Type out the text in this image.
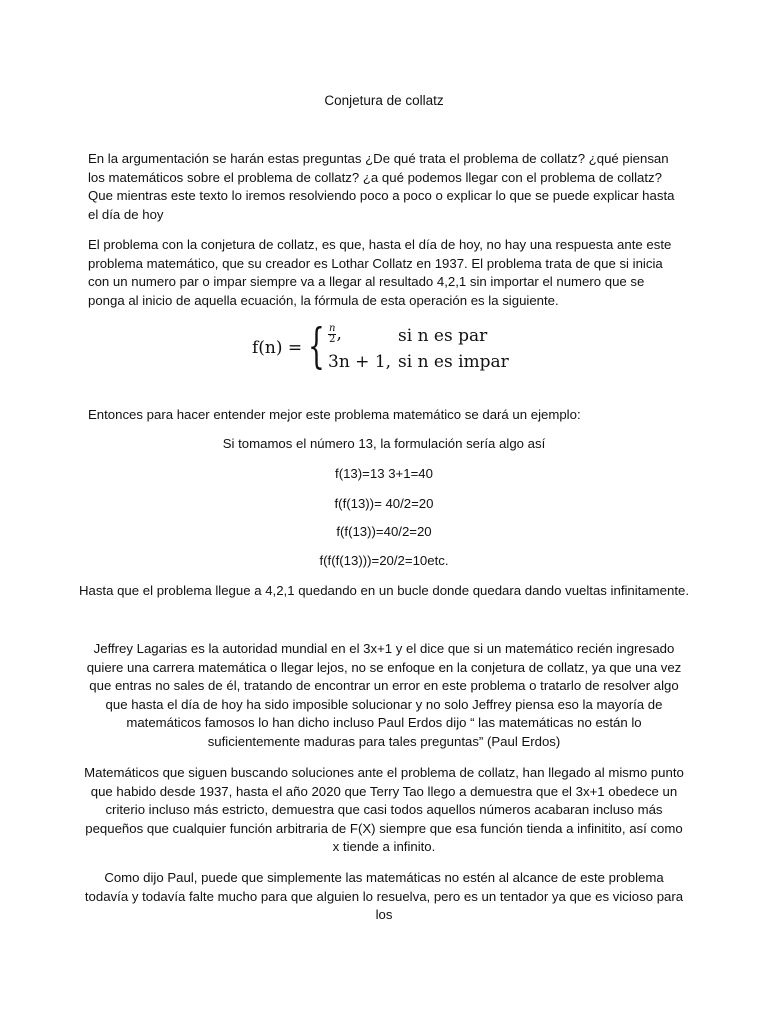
Conjetura de collatz

En la argumentación se harán estas preguntas ¿De qué trata el problema de collatz? ¿qué piensan los matemáticos sobre el problema de collatz? ¿a qué podemos llegar con el problema de collatz? Que mientras este texto lo iremos resolviendo poco a poco o explicar lo que se puede explicar hasta el día de hoy

El problema con la conjetura de collatz, es que, hasta el día de hoy, no hay una respuesta ante este problema matemático, que su creador es Lothar Collatz en 1937. El problema trata de que si inicia con un numero par o impar siempre va a llegar al resultado 4,2,1 sin importar el numero que se ponga al inicio de aquella ecuación, la fórmula de esta operación es la siguiente.

f(n) = { $\frac{n}{2}$ ,
3n + 1,
si n es par
si n es impar

Entonces para hacer entender mejor este problema matemático se dará un ejemplo:

Si tomamos el número 13, la formulación sería algo así
f(13)=13 3+1=40
f(f(13))= 40/2=20
f(f(13))=40/2=20
f(f(f(13)))=20/2=10etc.
Hasta que el problema llegue a 4,2,1 quedando en un bucle donde quedara dando vueltas infinitamente.

Jeffrey Lagarias es la autoridad mundial en el 3x+1 y el dice que si un matemático recién ingresado quiere una carrera matemática o llegar lejos, no se enfoque en la conjetura de collatz, ya que una vez que entras no sales de él, tratando de encontrar un error en este problema o tratarlo de resolver algo que hasta el día de hoy ha sido imposible solucionar y no solo Jeffrey piensa eso la mayoría de matemáticos famosos lo han dicho incluso Paul Erdos dijo “ las matemáticas no están lo suficientemente maduras para tales preguntas” (Paul Erdos)

Matemáticos que siguen buscando soluciones ante el problema de collatz, han llegado al mismo punto que habido desde 1937, hasta el año 2020 que Terry Tao llego a demuestra que el 3x+1 obedece un criterio incluso más estricto, demuestra que casi todos aquellos números acabaran incluso más pequeños que cualquier función arbitraria de F(X) siempre que esa función tienda a infinitito, así como x tiende a infinito.

Como dijo Paul, puede que simplemente las matemáticas no estén al alcance de este problema todavía y todavía falte mucho para que alguien lo resuelva, pero es un tentador ya que es vicioso para los
